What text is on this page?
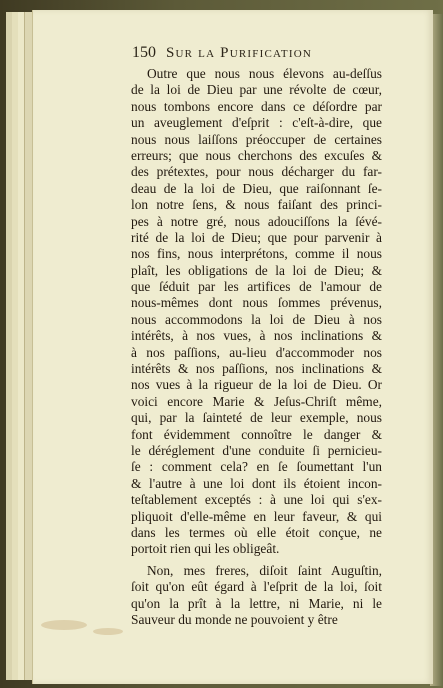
150 Sur la Purification
Outre que nous nous élevons au-deſſus
de la loi de Dieu par une révolte de cœur,
nous tombons encore dans ce déſordre par
un aveuglement d'eſprit : c'eſt-à-dire, que
nous nous laiſſons préoccuper de certaines
erreurs; que nous cherchons des excuſes &
des prétextes, pour nous décharger du far-
deau de la loi de Dieu, que raiſonnant ſe-
lon notre ſens, & nous faiſant des princi-
pes à notre gré, nous adouciſſons la ſévé-
rité de la loi de Dieu; que pour parvenir à
nos fins, nous interprétons, comme il nous
plaît, les obligations de la loi de Dieu; &
que ſéduit par les artifices de l'amour de
nous-mêmes dont nous ſommes prévenus,
nous accommodons la loi de Dieu à nos
intérêts, à nos vues, à nos inclinations &
à nos paſſions, au-lieu d'accommoder nos
intérêts & nos paſſions, nos inclinations &
nos vues à la rigueur de la loi de Dieu. Or
voici encore Marie & Jeſus-Chriſt même,
qui, par la ſainteté de leur exemple, nous
font évidemment connoître le danger &
le déréglement d'une conduite ſi pernicieu-
ſe : comment cela? en ſe ſoumettant l'un
& l'autre à une loi dont ils étoient incon-
teſtablement exceptés : à une loi qui s'ex-
pliquoit d'elle-même en leur faveur, & qui
dans les termes où elle étoit conçue, ne
portoit rien qui les obligeât.
Non, mes freres, diſoit ſaint Auguſtin,
ſoit qu'on eût égard à l'eſprit de la loi, ſoit
qu'on la prît à la lettre, ni Marie, ni le
Sauveur du monde ne pouvoient y être
